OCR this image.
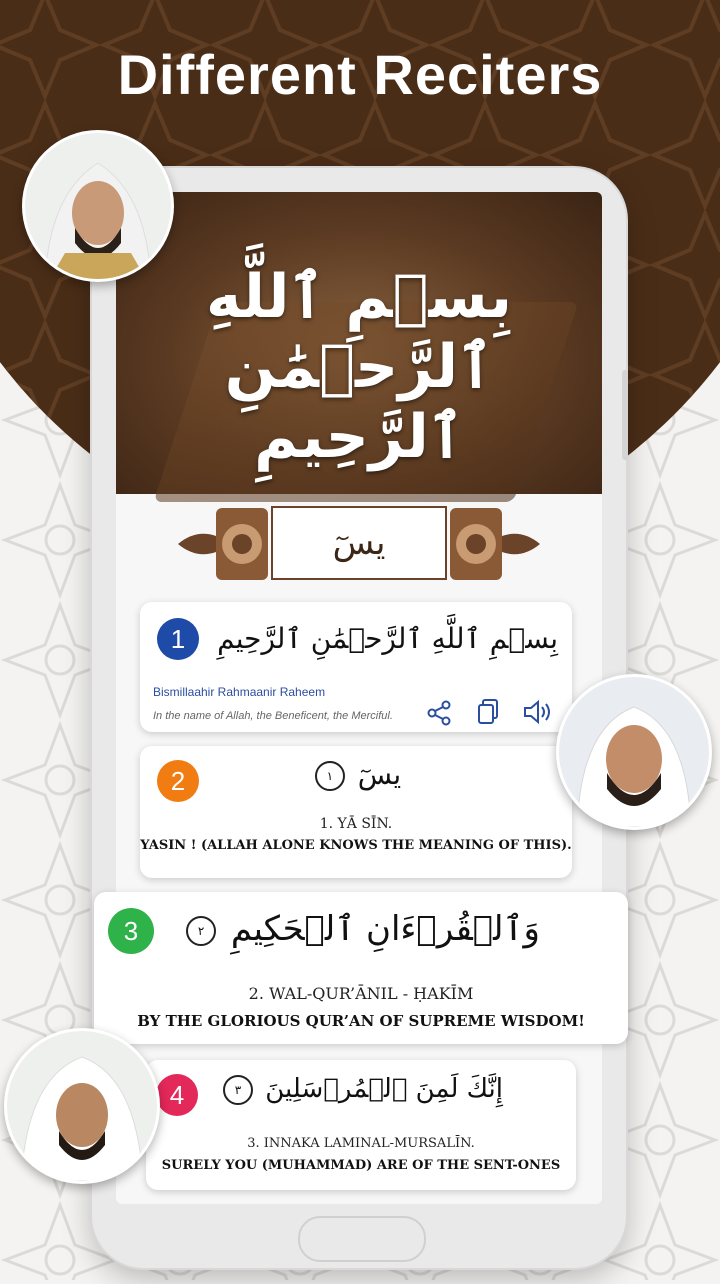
Different Reciters
بِسۡمِ ٱللَّهِ ٱلرَّحۡمَٰنِ ٱلرَّحِيمِ
يسٓ
1	بِسۡمِ ٱللَّهِ ٱلرَّحۡمَٰنِ ٱلرَّحِيمِ
Bismillaahir Rahmaanir Raheem
In the name of Allah, the Beneficent, the Merciful.
2	يسٓ ١
1. YĀ SĪN.
YASIN ! (ALLAH ALONE KNOWS THE MEANING OF THIS).
3	وَٱلۡقُرۡءَانِ ٱلۡحَكِيمِ ٢
2. WAL-QUR’ĀNIL - ḤAKĪM
BY THE GLORIOUS QUR’AN OF SUPREME WISDOM!
4	إِنَّكَ لَمِنَ ٱلۡمُرۡسَلِينَ ٣
3. INNAKA LAMINAL-MURSALĪN.
SURELY YOU (MUHAMMAD) ARE OF THE SENT-ONES
